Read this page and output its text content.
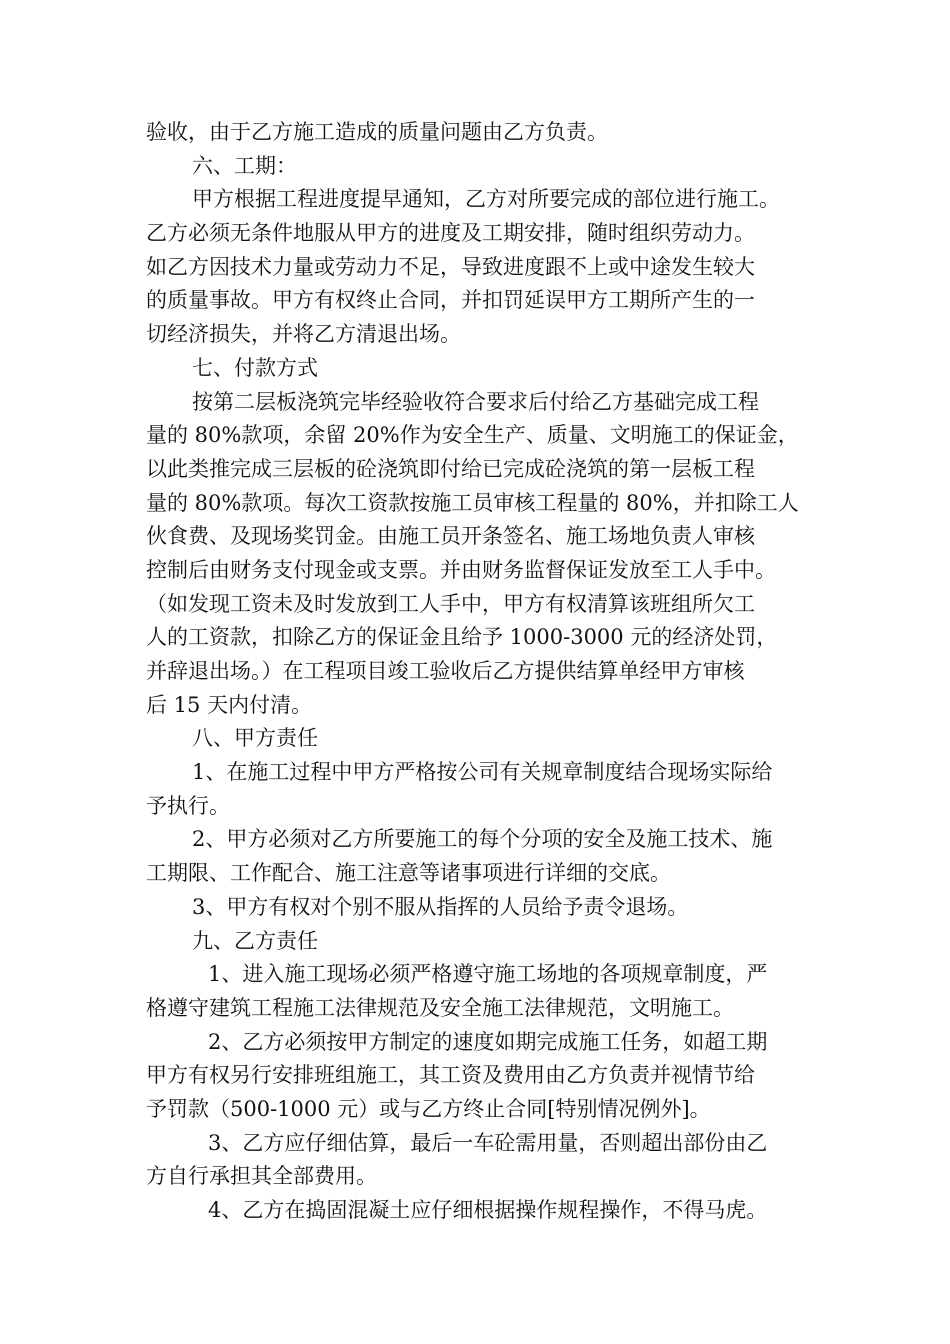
验收，由于乙方施工造成的质量问题由乙方负责。
六、工期：
甲方根据工程进度提早通知，乙方对所要完成的部位进行施工。
乙方必须无条件地服从甲方的进度及工期安排，随时组织劳动力。
如乙方因技术力量或劳动力不足，导致进度跟不上或中途发生较大
的质量事故。甲方有权终止合同，并扣罚延误甲方工期所产生的一
切经济损失，并将乙方清退出场。
七、付款方式
按第二层板浇筑完毕经验收符合要求后付给乙方基础完成工程
量的 80%款项，余留 20%作为安全生产、质量、文明施工的保证金，
以此类推完成三层板的砼浇筑即付给已完成砼浇筑的第一层板工程
量的 80%款项。每次工资款按施工员审核工程量的 80%，并扣除工人
伙食费、及现场奖罚金。由施工员开条签名、施工场地负责人审核
控制后由财务支付现金或支票。并由财务监督保证发放至工人手中。
（如发现工资未及时发放到工人手中，甲方有权清算该班组所欠工
人的工资款，扣除乙方的保证金且给予 1000-3000 元的经济处罚，
并辞退出场。）在工程项目竣工验收后乙方提供结算单经甲方审核
后 15 天内付清。
八、甲方责任
1、在施工过程中甲方严格按公司有关规章制度结合现场实际给
予执行。
2、甲方必须对乙方所要施工的每个分项的安全及施工技术、施
工期限、工作配合、施工注意等诸事项进行详细的交底。
3、甲方有权对个别不服从指挥的人员给予责令退场。
九、乙方责任
1、进入施工现场必须严格遵守施工场地的各项规章制度，严
格遵守建筑工程施工法律规范及安全施工法律规范，文明施工。
2、乙方必须按甲方制定的速度如期完成施工任务，如超工期
甲方有权另行安排班组施工，其工资及费用由乙方负责并视情节给
予罚款（500-1000 元）或与乙方终止合同[特别情况例外]。
3、乙方应仔细估算，最后一车砼需用量，否则超出部份由乙
方自行承担其全部费用。
4、乙方在捣固混凝土应仔细根据操作规程操作，不得马虎。
